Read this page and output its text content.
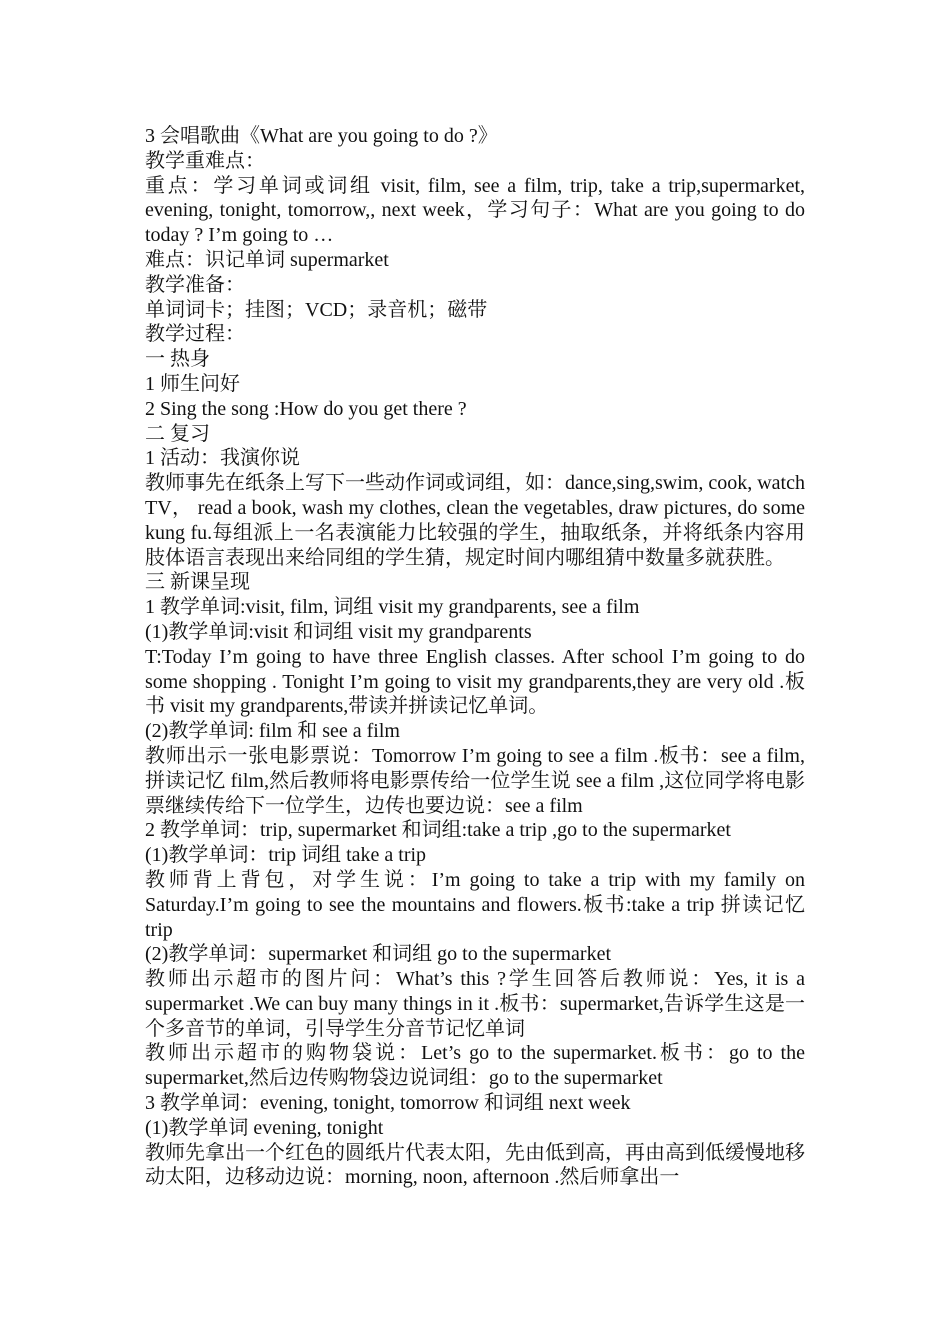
3 会唱歌曲《What are you going to do ?》
教学重难点：
重点：学习单词或词组 visit, film, see a film, trip, take a trip,supermarket, evening, tonight, tomorrow,, next week，学习句子：What are you going to do today ? I’m going to …
难点：识记单词 supermarket
教学准备：
单词词卡；挂图；VCD；录音机；磁带
教学过程：
一 热身
1 师生问好
2 Sing the song :How do you get there ?
二 复习
1 活动：我演你说
教师事先在纸条上写下一些动作词或词组，如：dance,sing,swim, cook, watch TV， read a book, wash my clothes, clean the vegetables, draw pictures, do some kung fu.每组派上一名表演能力比较强的学生，抽取纸条，并将纸条内容用肢体语言表现出来给同组的学生猜，规定时间内哪组猜中数量多就获胜。
三 新课呈现
1 教学单词:visit, film, 词组 visit my grandparents, see a film
(1)教学单词:visit 和词组 visit my grandparents
T:Today I’m going to have three English classes. After school I’m going to do some shopping . Tonight I’m going to visit my grandparents,they are very old .板书 visit my grandparents,带读并拼读记忆单词。
(2)教学单词: film 和 see a film
教师出示一张电影票说：Tomorrow I’m going to see a film .板书：see a film,拼读记忆 film,然后教师将电影票传给一位学生说 see a film ,这位同学将电影票继续传给下一位学生，边传也要边说：see a film
2 教学单词：trip, supermarket 和词组:take a trip ,go to the supermarket
(1)教学单词：trip 词组 take a trip
教师背上背包，对学生说：I’m going to take a trip with my family on Saturday.I’m going to see the mountains and flowers.板书:take a trip 拼读记忆 trip
(2)教学单词：supermarket 和词组 go to the supermarket
教师出示超市的图片问：What’s this ?学生回答后教师说：Yes, it is a supermarket .We can buy many things in it .板书：supermarket,告诉学生这是一个多音节的单词，引导学生分音节记忆单词
教师出示超市的购物袋说：Let’s go to the supermarket.板书：go to the supermarket,然后边传购物袋边说词组：go to the supermarket
3 教学单词：evening, tonight, tomorrow 和词组 next week
(1)教学单词 evening, tonight
教师先拿出一个红色的圆纸片代表太阳，先由低到高，再由高到低缓慢地移动太阳，边移动边说：morning, noon, afternoon .然后师拿出一
